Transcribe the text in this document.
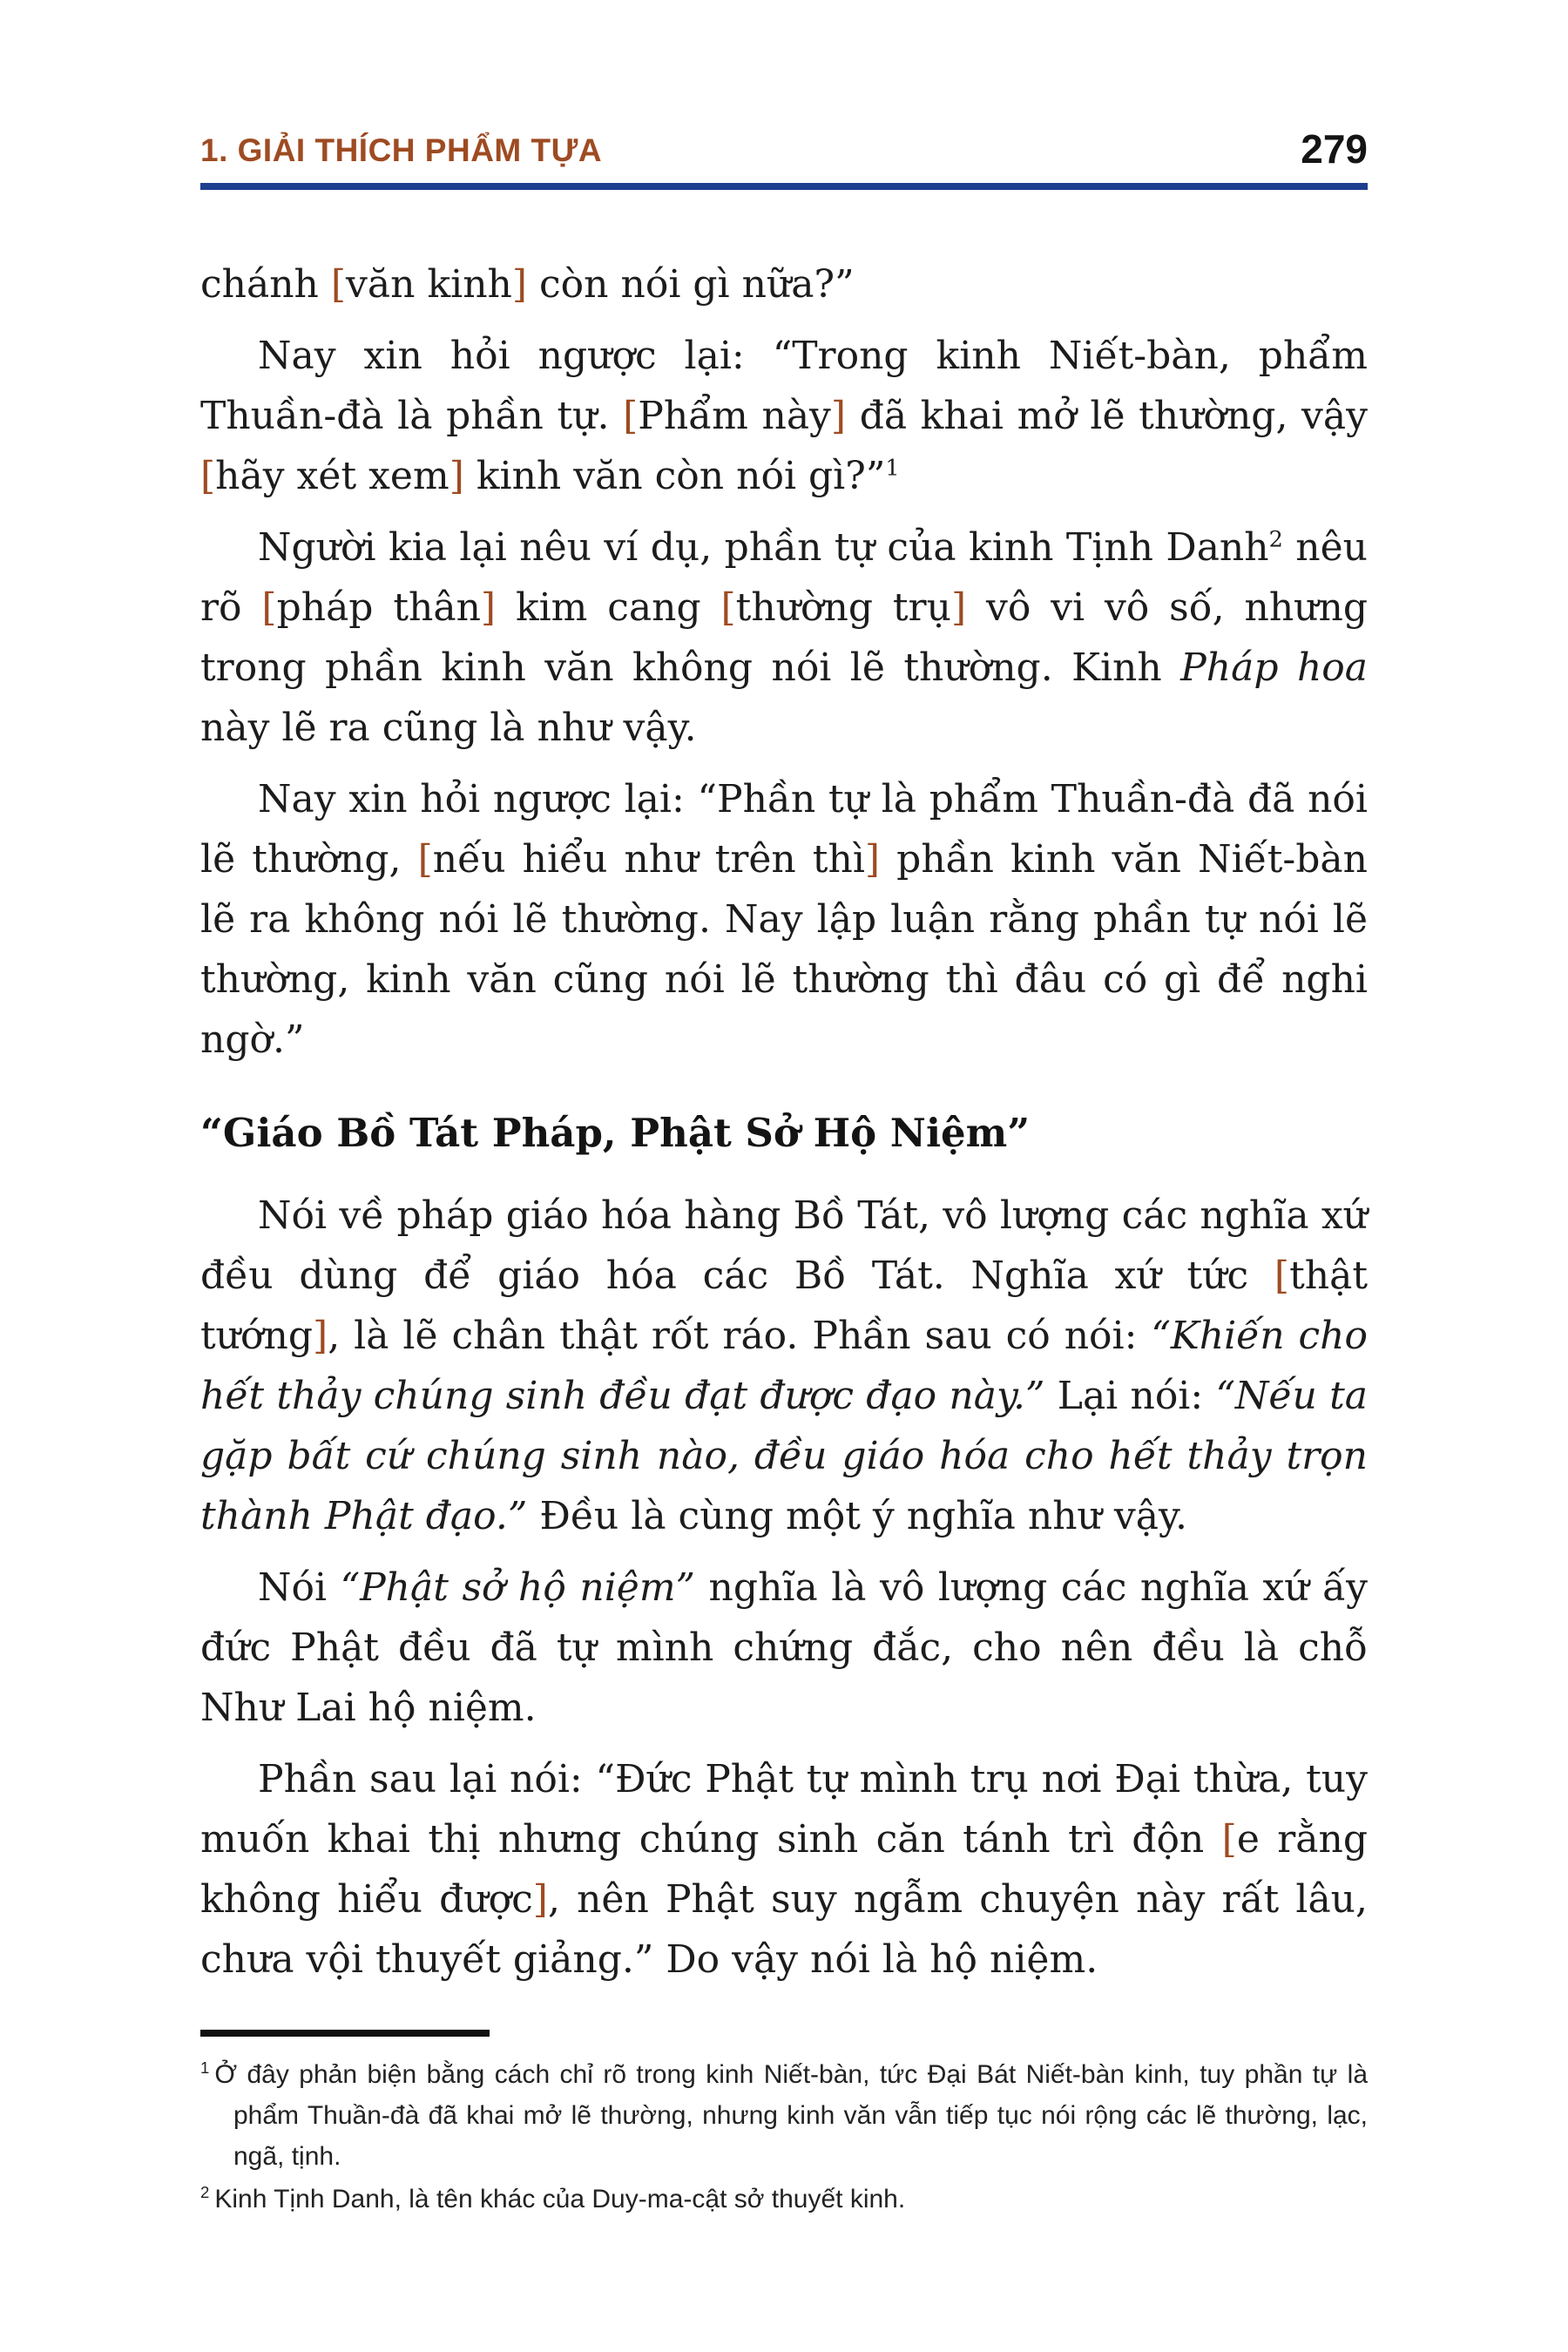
1. GIẢI THÍCH PHẨM TỰA	279

chánh [văn kinh] còn nói gì nữa?”

Nay xin hỏi ngược lại: “Trong kinh Niết-bàn, phẩm Thuần-đà là phần tự. [Phẩm này] đã khai mở lẽ thường, vậy [hãy xét xem] kinh văn còn nói gì?”$^1$

Người kia lại nêu ví dụ, phần tự của kinh Tịnh Danh$^2$ nêu rõ [pháp thân] kim cang [thường trụ] vô vi vô số, nhưng trong phần kinh văn không nói lẽ thường. Kinh Pháp hoa này lẽ ra cũng là như vậy.

Nay xin hỏi ngược lại: “Phần tự là phẩm Thuần-đà đã nói lẽ thường, [nếu hiểu như trên thì] phần kinh văn Niết-bàn lẽ ra không nói lẽ thường. Nay lập luận rằng phần tự nói lẽ thường, kinh văn cũng nói lẽ thường thì đâu có gì để nghi ngờ.”

“Giáo Bồ Tát Pháp, Phật Sở Hộ Niệm”

Nói về pháp giáo hóa hàng Bồ Tát, vô lượng các nghĩa xứ đều dùng để giáo hóa các Bồ Tát. Nghĩa xứ tức [thật tướng], là lẽ chân thật rốt ráo. Phần sau có nói: “Khiến cho hết thảy chúng sinh đều đạt được đạo này.” Lại nói: “Nếu ta gặp bất cứ chúng sinh nào, đều giáo hóa cho hết thảy trọn thành Phật đạo.” Đều là cùng một ý nghĩa như vậy.

Nói “Phật sở hộ niệm” nghĩa là vô lượng các nghĩa xứ ấy đức Phật đều đã tự mình chứng đắc, cho nên đều là chỗ Như Lai hộ niệm.

Phần sau lại nói: “Đức Phật tự mình trụ nơi Đại thừa, tuy muốn khai thị nhưng chúng sinh căn tánh trì độn [e rằng không hiểu được], nên Phật suy ngẫm chuyện này rất lâu, chưa vội thuyết giảng.” Do vậy nói là hộ niệm.

$^1$ Ở đây phản biện bằng cách chỉ rõ trong kinh Niết-bàn, tức Đại Bát Niết-bàn kinh, tuy phần tự là phẩm Thuần-đà đã khai mở lẽ thường, nhưng kinh văn vẫn tiếp tục nói rộng các lẽ thường, lạc, ngã, tịnh.

$^2$ Kinh Tịnh Danh, là tên khác của Duy-ma-cật sở thuyết kinh.
